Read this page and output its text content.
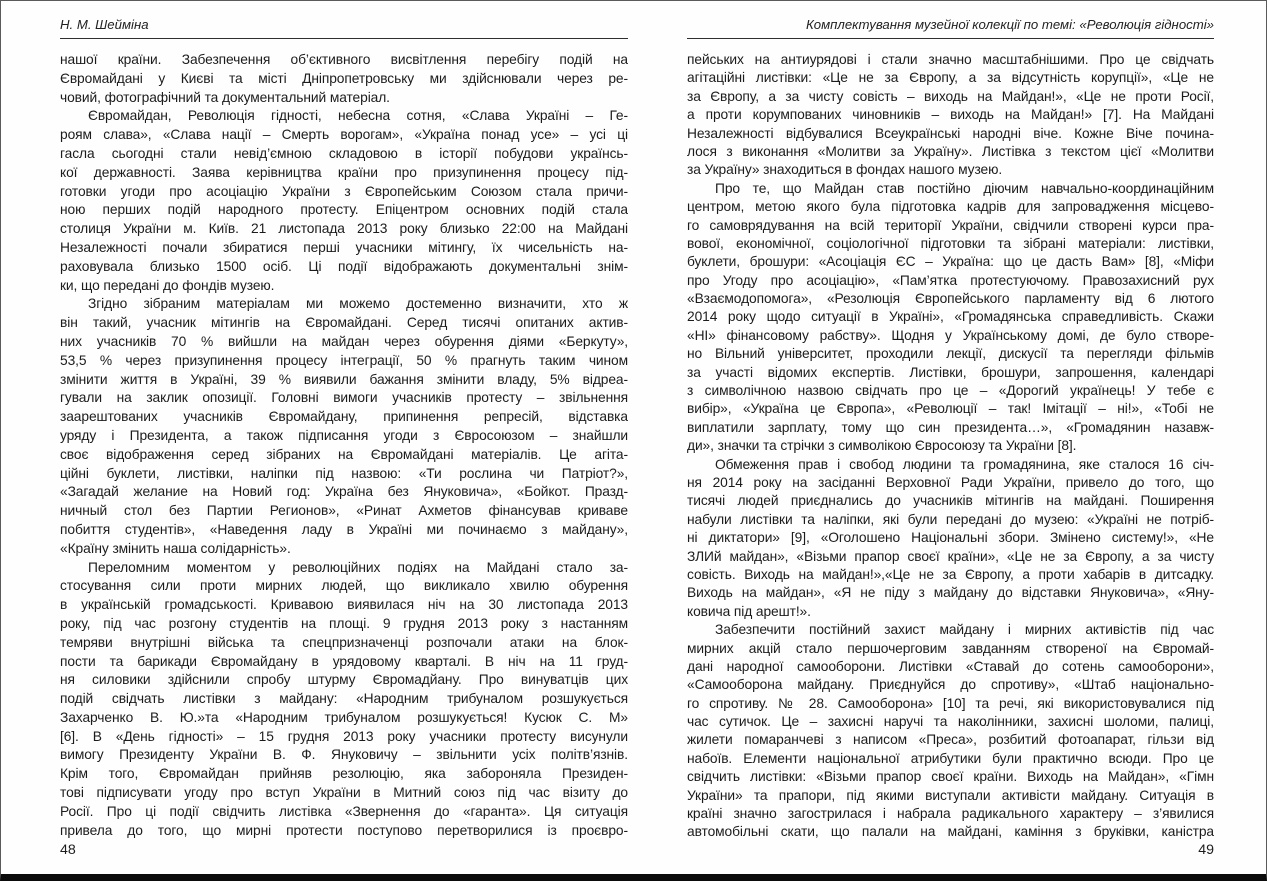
Н. М. Шейміна
нашої країни. Забезпечення об’єктивного висвітлення перебігу подій на
Євромайдані у Києві та місті Дніпропетровську ми здійснювали через ре-
човий, фотографічний та документальний матеріал.
Євромайдан, Революція гідності, небесна сотня, «Слава Україні – Ге-
роям слава», «Слава нації – Смерть ворогам», «Україна понад усе» – усі ці
гасла сьогодні стали невід’ємною складовою в історії побудови українсь-
кої державності. Заява керівництва країни про призупинення процесу під-
готовки угоди про асоціацію України з Європейським Союзом стала причи-
ною перших подій народного протесту. Епіцентром основних подій стала
столиця України м. Київ. 21 листопада 2013 року близько 22:00 на Майдані
Незалежності почали збиратися перші учасники мітингу, їх чисельність на-
раховувала близько 1500 осіб. Ці події відображають документальні знім-
ки, що передані до фондів музею.
Згідно зібраним матеріалам ми можемо достеменно визначити, хто ж
він такий, учасник мітингів на Євромайдані. Серед тисячі опитаних актив-
них учасників 70 % вийшли на майдан через обурення діями «Беркуту»,
53,5 % через призупинення процесу інтеграції, 50 % прагнуть таким чином
змінити життя в Україні, 39 % виявили бажання змінити владу, 5% відреа-
гували на заклик опозиції. Головні вимоги учасників протесту – звільнення
заарештованих учасників Євромайдану, припинення репресій, відставка
уряду і Президента, а також підписання угоди з Євросоюзом – знайшли
своє відображення серед зібраних на Євромайдані матеріалів. Це агіта-
ційні буклети, листівки, наліпки під назвою: «Ти рослина чи Патріот?»,
«Загадай желание на Новий год: Україна без Януковича», «Бойкот. Празд-
ничный стол без Партии Регионов», «Ринат Ахметов фінансував криваве
побиття студентів», «Наведення ладу в Україні ми починаємо з майдану»,
«Країну змінить наша солідарність».
Переломним моментом у революційних подіях на Майдані стало за-
стосування сили проти мирних людей, що викликало хвилю обурення
в українській громадськості. Кривавою виявилася ніч на 30 листопада 2013
року, під час розгону студентів на площі. 9 грудня 2013 року з настанням
темряви внутрішні війська та спецпризначенці розпочали атаки на блок-
пости та барикади Євромайдану в урядовому кварталі. В ніч на 11 груд-
ня силовики здійснили спробу штурму Євромадйану. Про винуватців цих
подій свідчать листівки з майдану: «Народним трибуналом розшукується
Захарченко В. Ю.»та «Народним трибуналом розшукується! Кусюк С. М»
[6]. В «День гідності» – 15 грудня 2013 року учасники протесту висунули
вимогу Президенту України В. Ф. Януковичу – звільнити усіх політв’язнів.
Крім того, Євромайдан прийняв резолюцію, яка забороняла Президен-
тові підписувати угоду про вступ України в Митний союз під час візиту до
Росії. Про ці події свідчить листівка «Звернення до «гаранта». Ця ситуація
привела до того, що мирні протести поступово перетворилися із проєвро-
48
Комплектування музейної колекції по темі: «Революція гідності»
пейських на антиурядові і стали значно масштабнішими. Про це свідчать
агітаційні листівки: «Це не за Європу, а за відсутність корупції», «Це не
за Європу, а за чисту совість – виходь на Майдан!», «Це не проти Росії,
а проти корумпованих чиновників – виходь на Майдан!» [7]. На Майдані
Незалежності відбувалися Всеукраїнські народні віче. Кожне Віче почина-
лося з виконання «Молитви за Україну». Листівка з текстом цієї «Молитви
за Україну» знаходиться в фондах нашого музею.
Про те, що Майдан став постійно діючим навчально-координаційним
центром, метою якого була підготовка кадрів для запровадження місцево-
го самоврядування на всій території України, свідчили створені курси пра-
вової, економічної, соціологічної підготовки та зібрані матеріали: листівки,
буклети, брошури: «Асоціація ЄС – Україна: що це дасть Вам» [8], «Міфи
про Угоду про асоціацію», «Пам’ятка протестуючому. Правозахисний рух
«Взаємодопомога», «Резолюція Європейського парламенту від 6 лютого
2014 року щодо ситуації в Україні», «Громадянська справедливість. Скажи
«НІ» фінансовому рабству». Щодня у Українському домі, де було створе-
но Вільний університет, проходили лекції, дискусії та перегляди фільмів
за участі відомих експертів. Листівки, брошури, запрошення, календарі
з символічною назвою свідчать про це – «Дорогий українець! У тебе є
вибір», «Україна це Європа», «Революції – так! Імітації – ні!», «Тобі не
виплатили зарплату, тому що син президента…», «Громадянин назавж-
ди», значки та стрічки з символікою Євросоюзу та України [8].
Обмеження прав і свобод людини та громадянина, яке сталося 16 січ-
ня 2014 року на засіданні Верховної Ради України, привело до того, що
тисячі людей приєднались до учасників мітингів на майдані. Поширення
набули листівки та наліпки, які були передані до музею: «Україні не потріб-
ні диктатори» [9], «Оголошено Національні збори. Змінено систему!», «Не
ЗЛИй майдан», «Візьми прапор своєї країни», «Це не за Європу, а за чисту
совість. Виходь на майдан!»,«Це не за Європу, а проти хабарів в дитсадку.
Виходь на майдан», «Я не піду з майдану до відставки Януковича», «Яну-
ковича під арешт!».
Забезпечити постійний захист майдану і мирних активістів під час
мирних акцій стало першочерговим завданням створеної на Євромай-
дані народної самооборони. Листівки «Ставай до сотень самооборони»,
«Самооборона майдану. Приєднуйся до спротиву», «Штаб національно-
го спротиву. № 28. Самооборона» [10] та речі, які використовувалися під
час сутичок. Це – захисні наручі та наколінники, захисні шоломи, палиці,
жилети помаранчеві з написом «Преса», розбитий фотоапарат, гільзи від
набоїв. Елементи національної атрибутики були практично всюди. Про це
свідчить листівки: «Візьми прапор своєї країни. Виходь на Майдан», «Гімн
України» та прапори, під якими виступали активісти майдану. Ситуація в
країні значно загострилася і набрала радикального характеру – з’явилися
автомобільні скати, що палали на майдані, каміння з бруківки, каністра
49
